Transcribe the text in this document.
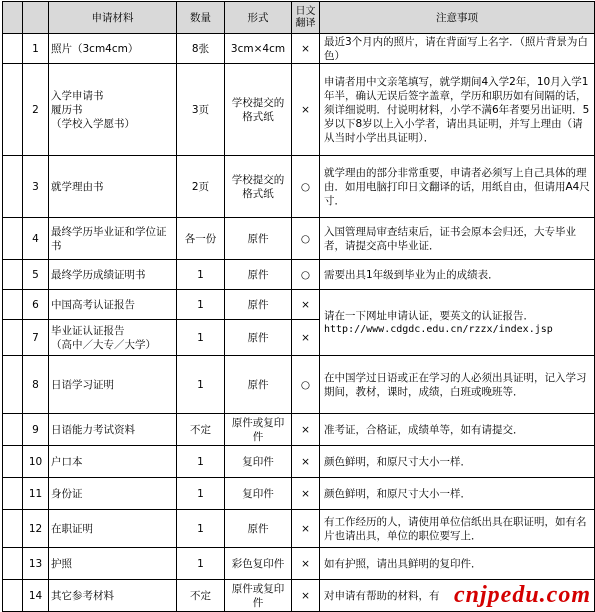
		申请材料	数量	形式	日文翻译	注意事项
	1	照片（3cm4cm）	8张	3cm×4cm	×	最近3个月内的照片，请在背面写上名字．（照片背景为白色）
	2	入学申请书
履历书
（学校入学愿书）	3页	学校提交的格式纸	×	申请者用中文亲笔填写，就学期间4入学2年，10月入学1年半，确认无误后签字盖章，学历和职历如有间隔的话，须详细说明．付说明材料，小学不满6年者要另出证明．5岁以下8岁以上入小学者，请出具证明，并写上理由（请从当时小学出具证明）．
	3	就学理由书	2页	学校提交的格式纸	○	就学理由的部分非常重要，申请者必须写上自己具体的理由．如用电脑打印日文翻译的话，用纸自由，但请用A4尺寸．
	4	最终学历毕业证和学位证书	各一份	原件	○	入国管理局审查结束后，证书会原本会归还，大专毕业者，请提交高中毕业证．
	5	最终学历成绩证明书	1	原件	○	需要出具1年级到毕业为止的成绩表．
	6	中国高考认证报告	1	原件	×	请在一下网址申请认证，要英文的认证报告．
http://www.cdgdc.edu.cn/rzzx/index.jsp

	7	毕业证认证报告
（高中／大专／大学）	1	原件	×	
	8	日语学习证明	1	原件	○	在中国学过日语或正在学习的人必须出具证明，记入学习期间，教材，课时，成绩，白班或晚班等．
	9	日语能力考试资料	不定	原件或复印件	×	准考证，合格证，成绩单等，如有请提交．
	10	户口本	1	复印件	×	颜色鲜明，和原尺寸大小一样．
	11	身份证	1	复印件	×	颜色鲜明，和原尺寸大小一样．
	12	在职证明	1	原件	×	有工作经历的人，请使用单位信纸出具在职证明，如有名片也请出具，单位的职位要写上．
	13	护照	1	彩色复印件	×	如有护照，请出具鲜明的复印件．
	14	其它参考材料	不定	原件或复印件	×	对申请有帮助的材料，有 cnjpedu.com
